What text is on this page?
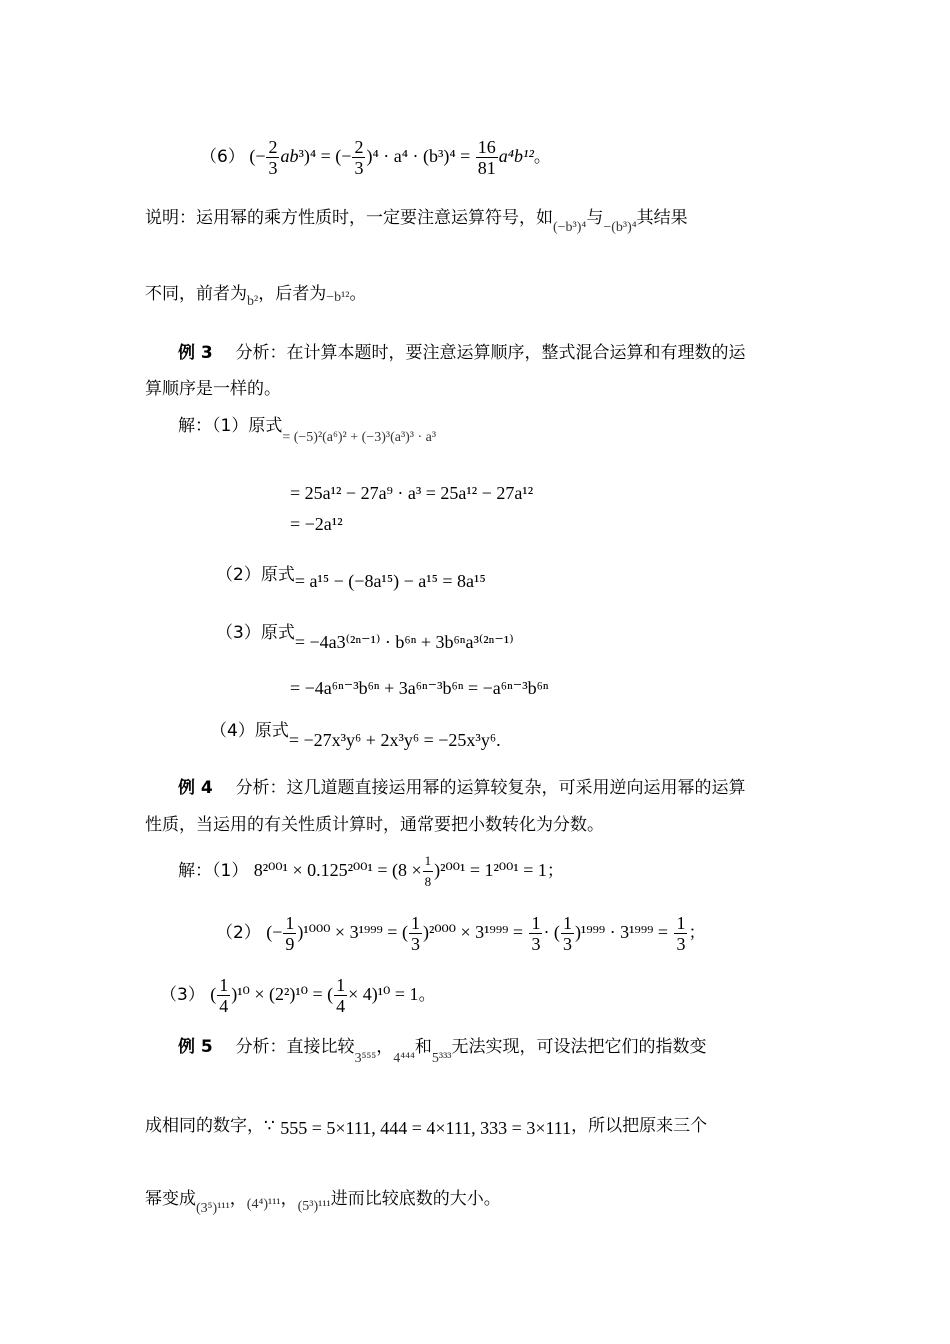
（6） (− $\frac{2}{3} ab^3)^4$ = (− $\frac{2}{3} )^4 \cdot a^4 \cdot (b^3)^4 = \frac{16}{81} a^4b^{12}$。
说明：运用幂的乘方性质时，一定要注意运算符号，如$_{(-b^3)^4}$与$_{-(b^3)^4}$其结果
不同，前者为$_{b^2}$，后者为−b¹²。
例 3 分析：在计算本题时，要注意运算顺序，整式混合运算和有理数的运
算顺序是一样的。
解：（1）原式$_{= (-5)^2(a^6)^2 + (-3)^3(a^3)^3 \cdot a^3}$
= 25a¹² − 27a⁹ · a³ = 25a¹² − 27a¹²
= −2a¹²
（2）原式= a¹⁵ − (−8a¹⁵) − a¹⁵ = 8a¹⁵
（3）原式= −4a3⁽²ⁿ⁻¹⁾ · b⁶ⁿ + 3b⁶ⁿa³⁽²ⁿ⁻¹⁾
= −4a⁶ⁿ⁻³b⁶ⁿ + 3a⁶ⁿ⁻³b⁶ⁿ = −a⁶ⁿ⁻³b⁶ⁿ
（4）原式= −27x³y⁶ + 2x³y⁶ = −25x³y⁶.
例 4 分析：这几道题直接运用幂的运算较复杂，可采用逆向运用幂的运算
性质，当运用的有关性质计算时，通常要把小数转化为分数。
解：（1） $8^{2001} \times 0.125^{2001} = (8 \times \frac{1}{8} )^{2001} = 1^{2001} = 1$；
（2） (− $\frac{1}{9} )^{1000} \times 3^{1999}$ = ( $\frac{1}{3} )^{2000} \times 3^{1999} = \frac{1}{3}$ · ( $\frac{1}{3} )^{1999} \cdot 3^{1999} = \frac{1}{3}$ ；
（3） ( $\frac{1}{4} )^{10} \times (2^2)^{10}$ = ( $\frac{1}{4} \times 4)^{10} = 1$。
例 5 分析：直接比较$_{3^{555}}$，$_{4^{444}}$和$_{5^{333}}$无法实现，可设法把它们的指数变
成相同的数字，∵ 555 = 5×111, 444 = 4×111, 333 = 3×111，所以把原来三个
幂变成$_{(3^5)^{111}}$，$_{(4^4)^{111}}$，$_{(5^3)^{111}}$进而比较底数的大小。
